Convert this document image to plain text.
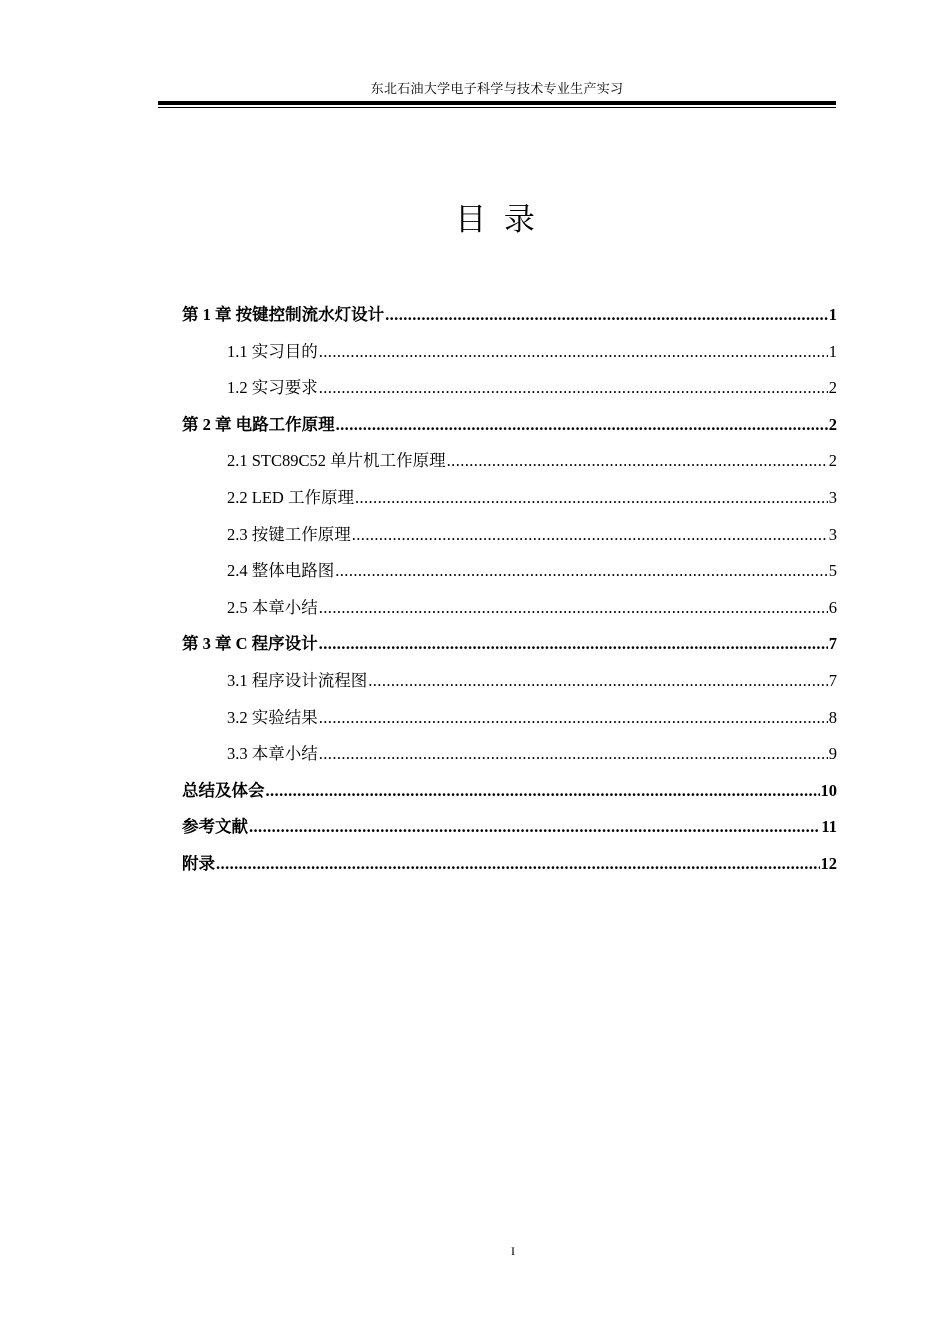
东北石油大学电子科学与技术专业生产实习
目 录
第 1 章 按键控制流水灯设计 .....	1
1.1 实习目的 .....	1
1.2 实习要求 .....	2
第 2 章 电路工作原理 .....	2
2.1 STC89C52 单片机工作原理 .....	2
2.2 LED 工作原理 .....	3
2.3 按键工作原理 .....	3
2.4 整体电路图 .....	5
2.5 本章小结 .....	6
第 3 章 C 程序设计 .....	7
3.1 程序设计流程图 .....	7
3.2 实验结果 .....	8
3.3 本章小结 .....	9
总结及体会 .....	10
参考文献 .....	11
附录 .....	12
I
